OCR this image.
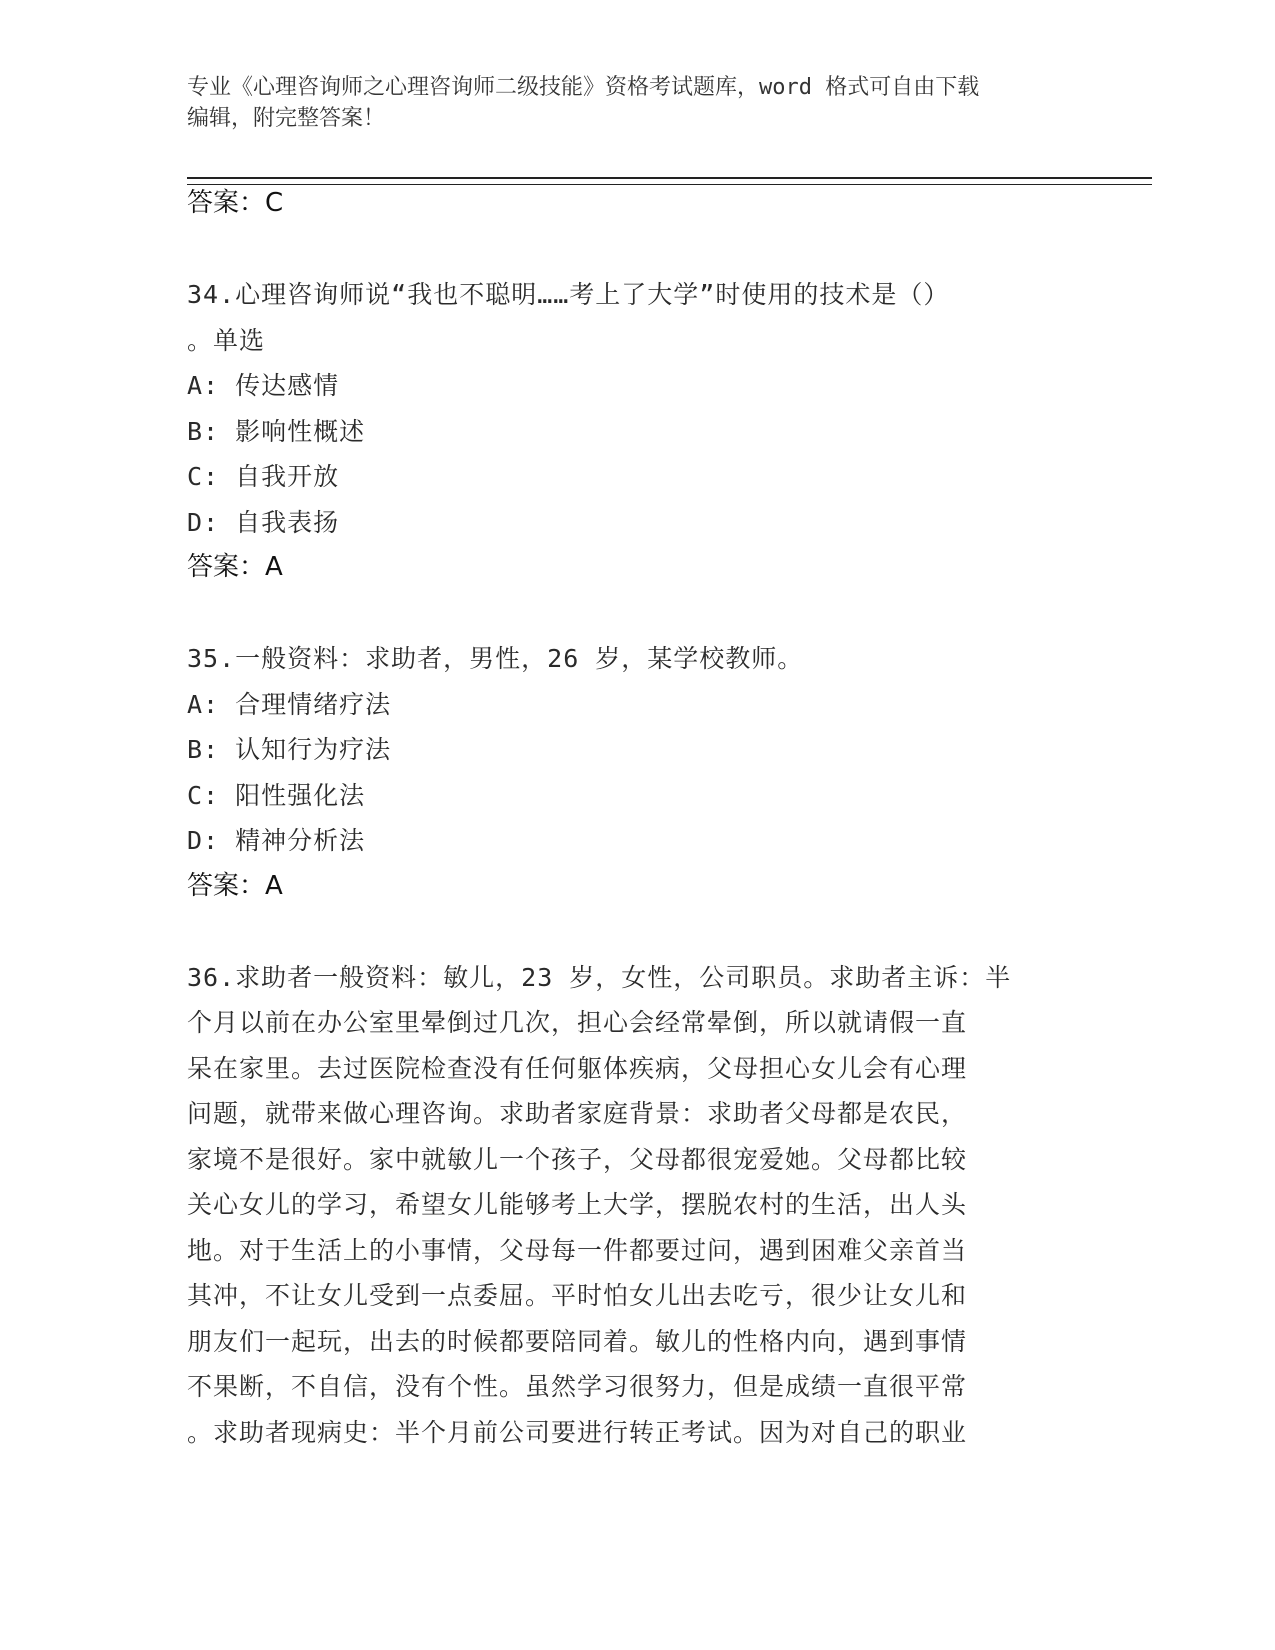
专业《心理咨询师之心理咨询师二级技能》资格考试题库，word 格式可自由下载
编辑，附完整答案！
答案：C
34.心理咨询师说“我也不聪明……考上了大学”时使用的技术是（）
。单选
A: 传达感情
B: 影响性概述
C: 自我开放
D: 自我表扬
答案：A
35.一般资料：求助者，男性，26 岁，某学校教师。
A: 合理情绪疗法
B: 认知行为疗法
C: 阳性强化法
D: 精神分析法
答案：A
36.求助者一般资料：敏儿，23 岁，女性，公司职员。求助者主诉：半
个月以前在办公室里晕倒过几次，担心会经常晕倒，所以就请假一直
呆在家里。去过医院检查没有任何躯体疾病，父母担心女儿会有心理
问题，就带来做心理咨询。求助者家庭背景：求助者父母都是农民，
家境不是很好。家中就敏儿一个孩子，父母都很宠爱她。父母都比较
关心女儿的学习，希望女儿能够考上大学，摆脱农村的生活，出人头
地。对于生活上的小事情，父母每一件都要过问，遇到困难父亲首当
其冲，不让女儿受到一点委屈。平时怕女儿出去吃亏，很少让女儿和
朋友们一起玩，出去的时候都要陪同着。敏儿的性格内向，遇到事情
不果断，不自信，没有个性。虽然学习很努力，但是成绩一直很平常
。求助者现病史：半个月前公司要进行转正考试。因为对自己的职业
